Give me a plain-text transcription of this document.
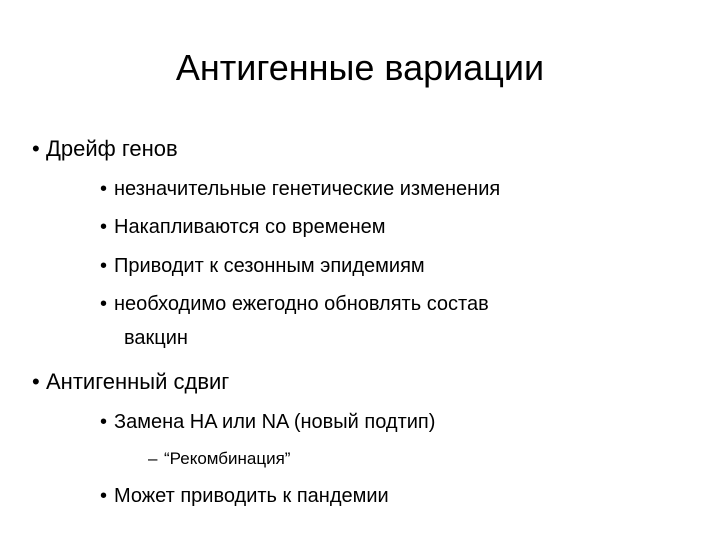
Антигенные вариации
• Дрейф генов
• незначительные генетические изменения
• Накапливаются со временем
• Приводит к сезонным эпидемиям
• необходимо ежегодно обновлять состав
вакцин
• Антигенный сдвиг
• Замена HA или NA (новый подтип)
– “Рекомбинация”
• Может приводить к пандемии
